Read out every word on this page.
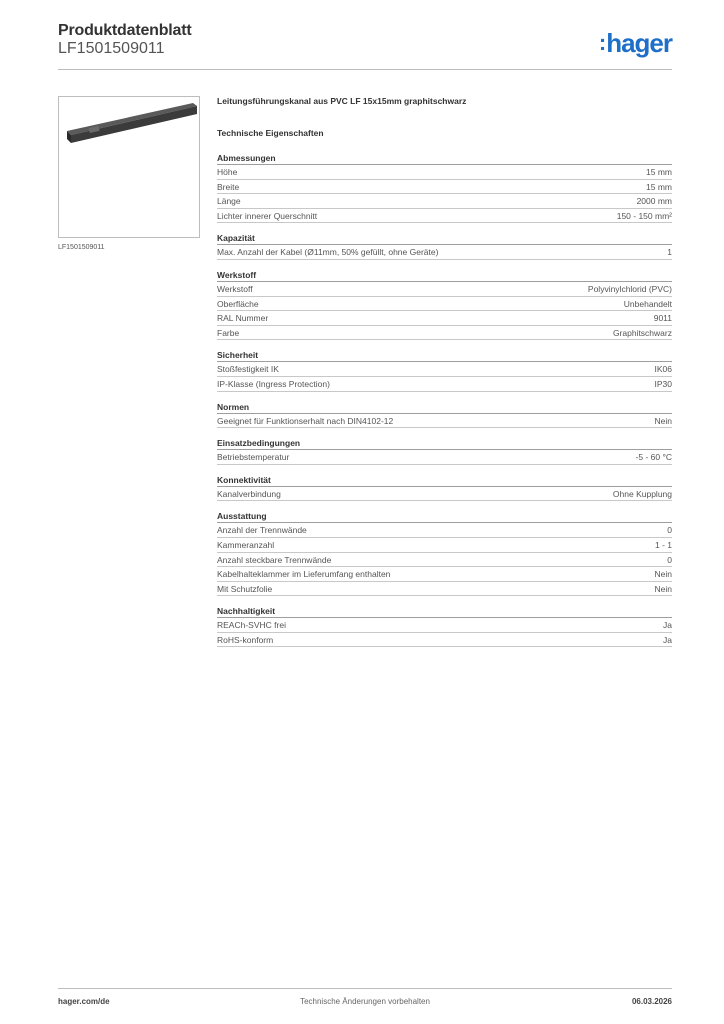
Produktdatenblatt
LF1501509011	:hager
LF1501509011
Leitungsführungskanal aus PVC LF 15x15mm graphitschwarz
Technische Eigenschaften
Abmessungen
Höhe	15 mm
Breite	15 mm
Länge	2000 mm
Lichter innerer Querschnitt	150 - 150 mm²
Kapazität
Max. Anzahl der Kabel (Ø11mm, 50% gefüllt, ohne Geräte)	1
Werkstoff
Werkstoff	Polyvinylchlorid (PVC)
Oberfläche	Unbehandelt
RAL Nummer	9011
Farbe	Graphitschwarz
Sicherheit
Stoßfestigkeit IK	IK06
IP-Klasse (Ingress Protection)	IP30
Normen
Geeignet für Funktionserhalt nach DIN4102-12	Nein
Einsatzbedingungen
Betriebstemperatur	-5 - 60 °C
Konnektivität
Kanalverbindung	Ohne Kupplung
Ausstattung
Anzahl der Trennwände	0
Kammeranzahl	1 - 1
Anzahl steckbare Trennwände	0
Kabelhalteklammer im Lieferumfang enthalten	Nein
Mit Schutzfolie	Nein
Nachhaltigkeit
REACh-SVHC frei	Ja
RoHS-konform	Ja
hager.com/de	Technische Änderungen vorbehalten	06.03.2026
